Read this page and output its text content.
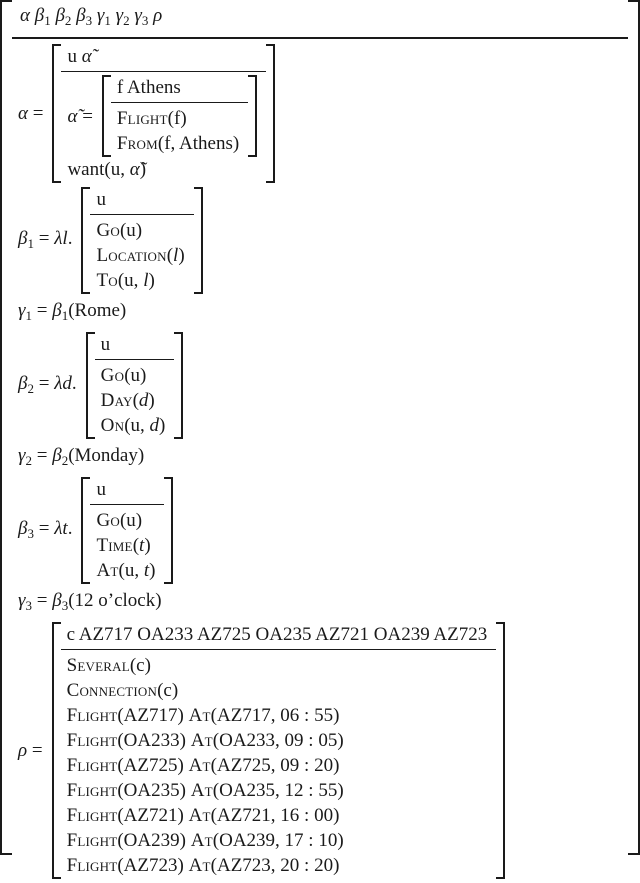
α $\beta_1$ $\beta_2$ $\beta_3$ $\gamma_1$ $\gamma_2$ $\gamma_3$ ρ
α =
u α̃
α̃ =
f Athens
Flight(f)
From(f, Athens)
want(u, α̃)
$\beta_1 = \lambda l$.
u
Go(u)
Location(l)
To(u, l)
$\gamma_1$ = $\beta_1(Rome)$
$\beta_2 = \lambda d$.
u
Go(u)
Day(d)
On(u, d)
$\gamma_2$ = $\beta_2(Monday)$
$\beta_3 = \lambda t$.
u
Go(u)
Time(t)
At(u, t)
$\gamma_3 = \beta_3(12$ o’clock)
ρ =
c AZ717 OA233 AZ725 OA235 AZ721 OA239 AZ723
Several(c)
Connection(c)
Flight(AZ717) At(AZ717, 06 : 55)
Flight(OA233) At(OA233, 09 : 05)
Flight(AZ725) At(AZ725, 09 : 20)
Flight(OA235) At(OA235, 12 : 55)
Flight(AZ721) At(AZ721, 16 : 00)
Flight(OA239) At(OA239, 17 : 10)
Flight(AZ723) At(AZ723, 20 : 20)
